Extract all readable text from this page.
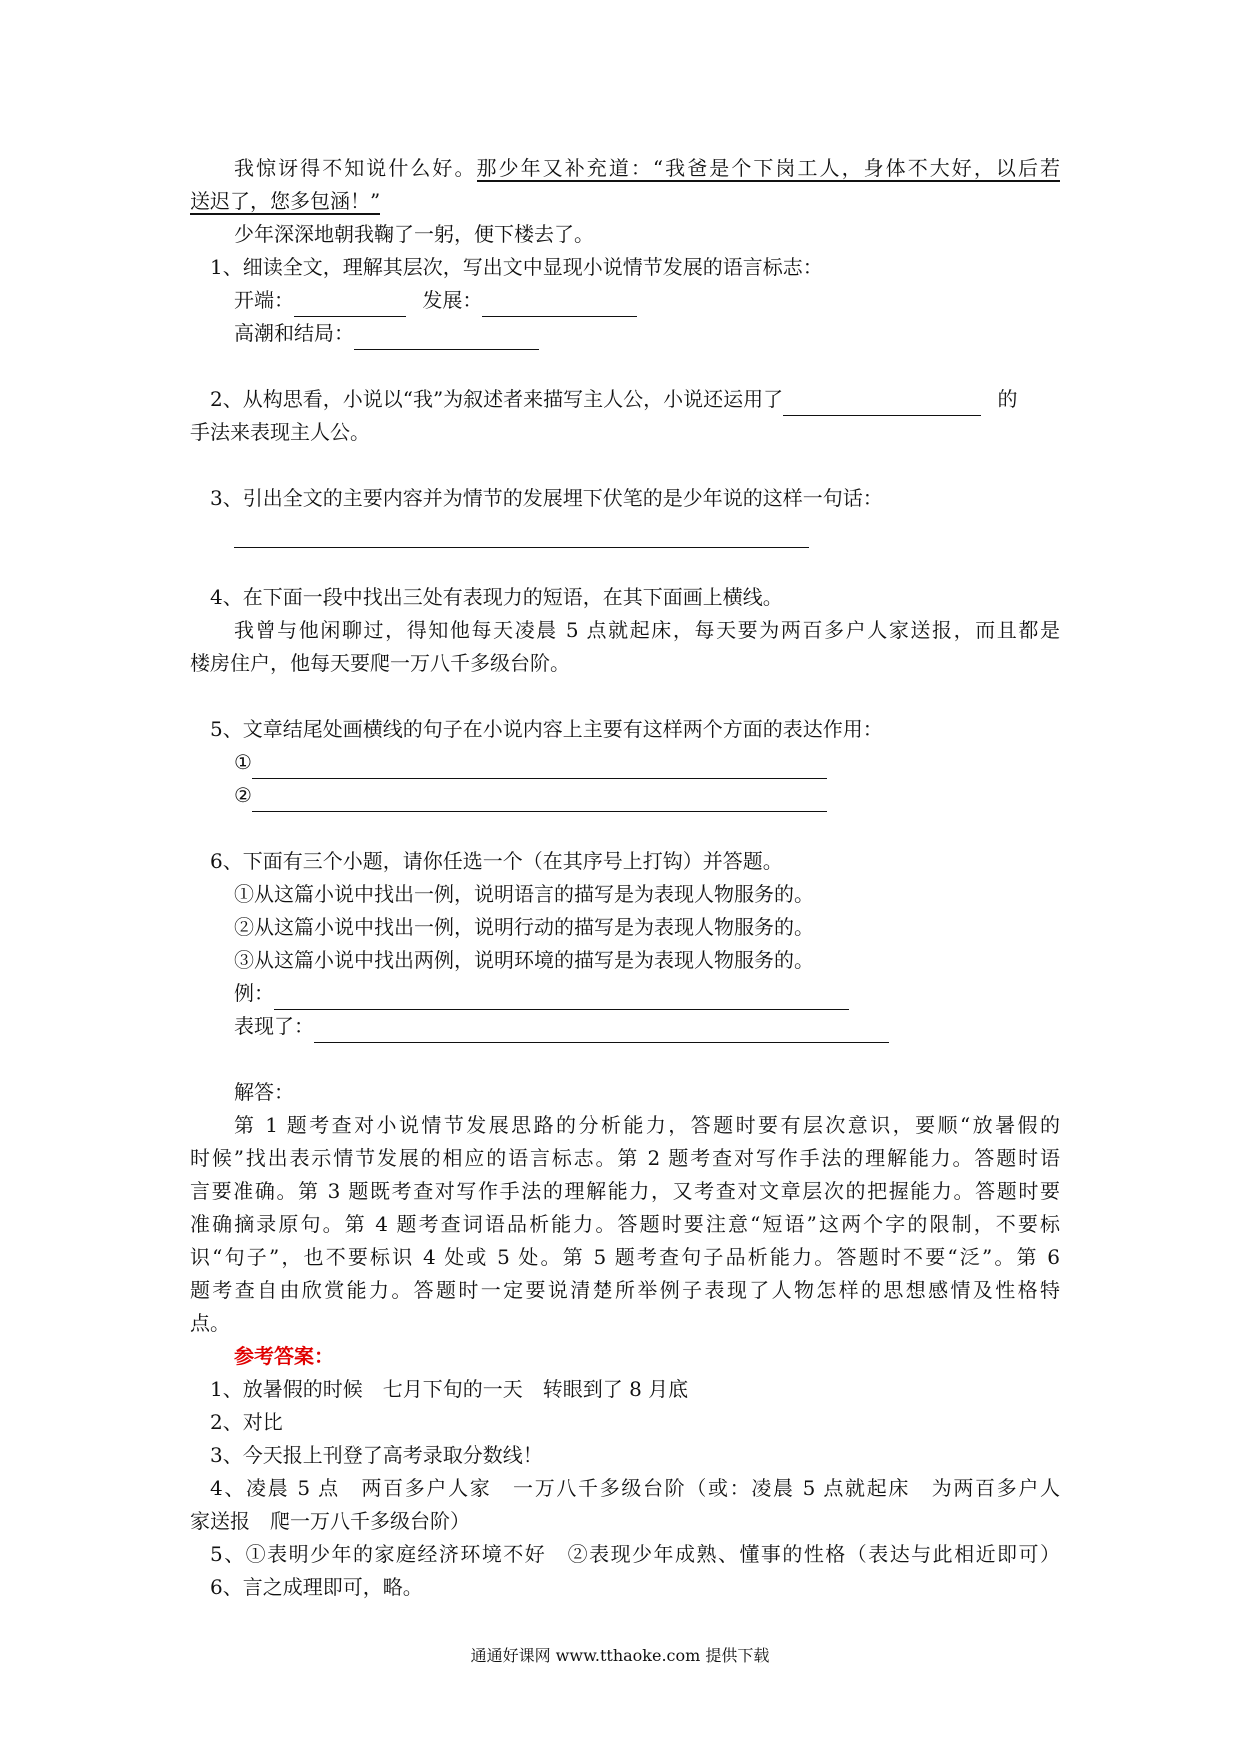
我惊讶得不知说什么好。那少年又补充道：“我爸是个下岗工人，身体不大好，以后若
送迟了，您多包涵！”
少年深深地朝我鞠了一躬，便下楼去了。
1、细读全文，理解其层次，写出文中显现小说情节发展的语言标志：
开端：	发展：
高潮和结局：
2、从构思看，小说以“我”为叙述者来描写主人公，小说还运用了	的
手法来表现主人公。
3、引出全文的主要内容并为情节的发展埋下伏笔的是少年说的这样一句话：
4、在下面一段中找出三处有表现力的短语，在其下面画上横线。
我曾与他闲聊过，得知他每天凌晨 5 点就起床，每天要为两百多户人家送报，而且都是
楼房住户，他每天要爬一万八千多级台阶。
5、文章结尾处画横线的句子在小说内容上主要有这样两个方面的表达作用：
①
②
6、下面有三个小题，请你任选一个（在其序号上打钩）并答题。
①从这篇小说中找出一例，说明语言的描写是为表现人物服务的。
②从这篇小说中找出一例，说明行动的描写是为表现人物服务的。
③从这篇小说中找出两例，说明环境的描写是为表现人物服务的。
例：
表现了：
解答：
第 1 题考查对小说情节发展思路的分析能力，答题时要有层次意识，要顺“放暑假的
时候”找出表示情节发展的相应的语言标志。第 2 题考查对写作手法的理解能力。答题时语
言要准确。第 3 题既考查对写作手法的理解能力，又考查对文章层次的把握能力。答题时要
准确摘录原句。第 4 题考查词语品析能力。答题时要注意“短语”这两个字的限制，不要标
识“句子”，也不要标识 4 处或 5 处。第 5 题考查句子品析能力。答题时不要“泛”。第 6
题考查自由欣赏能力。答题时一定要说清楚所举例子表现了人物怎样的思想感情及性格特
点。
参考答案：
1、放暑假的时候　七月下旬的一天　转眼到了 8 月底
2、对比
3、今天报上刊登了高考录取分数线！
4、凌晨 5 点　两百多户人家　一万八千多级台阶（或：凌晨 5 点就起床　为两百多户人
家送报　爬一万八千多级台阶）
5、①表明少年的家庭经济环境不好　②表现少年成熟、懂事的性格（表达与此相近即可）
6、言之成理即可，略。
通通好课网 www.tthaoke.com 提供下载
